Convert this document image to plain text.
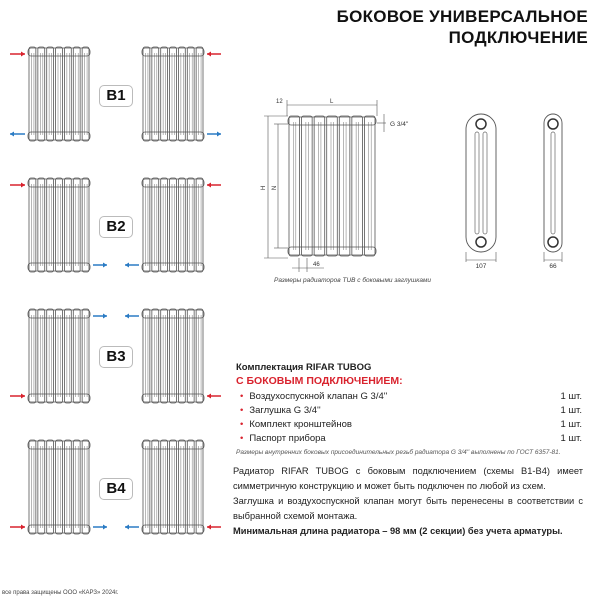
12	L
H N
46
G 3/4''
107	66
БОКОВОЕ УНИВЕРСАЛЬНОЕ
ПОДКЛЮЧЕНИЕ
B1
B2
B3
B4
Размеры радиаторов TUB с боковыми заглушками
Комплектация RIFAR TUBOG
С БОКОВЫМ ПОДКЛЮЧЕНИЕМ:
• Воздухоспускной клапан G 3/4''	1 шт.
• Заглушка G 3/4''	1 шт.
• Комплект кронштейнов	1 шт.
• Паспорт прибора	1 шт.
Размеры внутренних боковых присоединительных резьб радиатора G 3/4'' выполнены по ГОСТ 6357-81.
Радиатор RIFAR TUBOG с боковым подключением (схемы В1-В4) имеет симметричную конструкцию и может быть подключен по любой из схем.
Заглушка и воздухоспускной клапан могут быть перенесены в соответствии с выбранной схемой монтажа.
Минимальная длина радиатора – 98 мм (2 секции) без учета арматуры.
все права защищены ООО «КАРЗ» 2024г.
